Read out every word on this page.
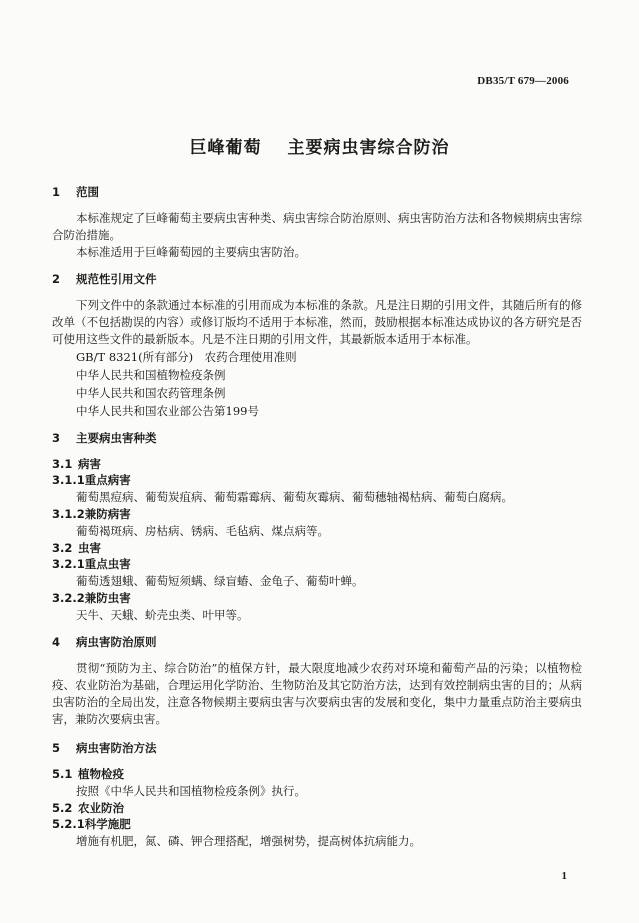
DB35/T 679—2006
巨峰葡萄 主要病虫害综合防治
1 范围

本标准规定了巨峰葡萄主要病虫害种类、病虫害综合防治原则、病虫害防治方法和各物候期病虫害综合防治措施。

本标准适用于巨峰葡萄园的主要病虫害防治。

2 规范性引用文件

下列文件中的条款通过本标准的引用而成为本标准的条款。凡是注日期的引用文件，其随后所有的修改单（不包括勘误的内容）或修订版均不适用于本标准，然而，鼓励根据本标准达成协议的各方研究是否可使用这些文件的最新版本。凡是不注日期的引用文件，其最新版本适用于本标准。

GB/T 8321(所有部分)　农药合理使用准则
中华人民共和国植物检疫条例
中华人民共和国农药管理条例
中华人民共和国农业部公告第199号
3 主要病虫害种类
3.1 病害
3.1.1重点病害
葡萄黑痘病、葡萄炭疽病、葡萄霜霉病、葡萄灰霉病、葡萄穗轴褐枯病、葡萄白腐病。
3.1.2兼防病害
葡萄褐斑病、房枯病、锈病、毛毡病、煤点病等。
3.2 虫害
3.2.1重点虫害
葡萄透翅蛾、葡萄短须螨、绿盲蝽、金龟子、葡萄叶蝉。
3.2.2兼防虫害
天牛、天蛾、蚧壳虫类、叶甲等。
4 病虫害防治原则

贯彻“预防为主、综合防治”的植保方针，最大限度地减少农药对环境和葡萄产品的污染；以植物检疫、农业防治为基础，合理运用化学防治、生物防治及其它防治方法，达到有效控制病虫害的目的；从病虫害防治的全局出发，注意各物候期主要病虫害与次要病虫害的发展和变化，集中力量重点防治主要病虫害，兼防次要病虫害。

5 病虫害防治方法
5.1 植物检疫
按照《中华人民共和国植物检疫条例》执行。
5.2 农业防治
5.2.1科学施肥
增施有机肥，氮、磷、钾合理搭配，增强树势，提高树体抗病能力。
1
